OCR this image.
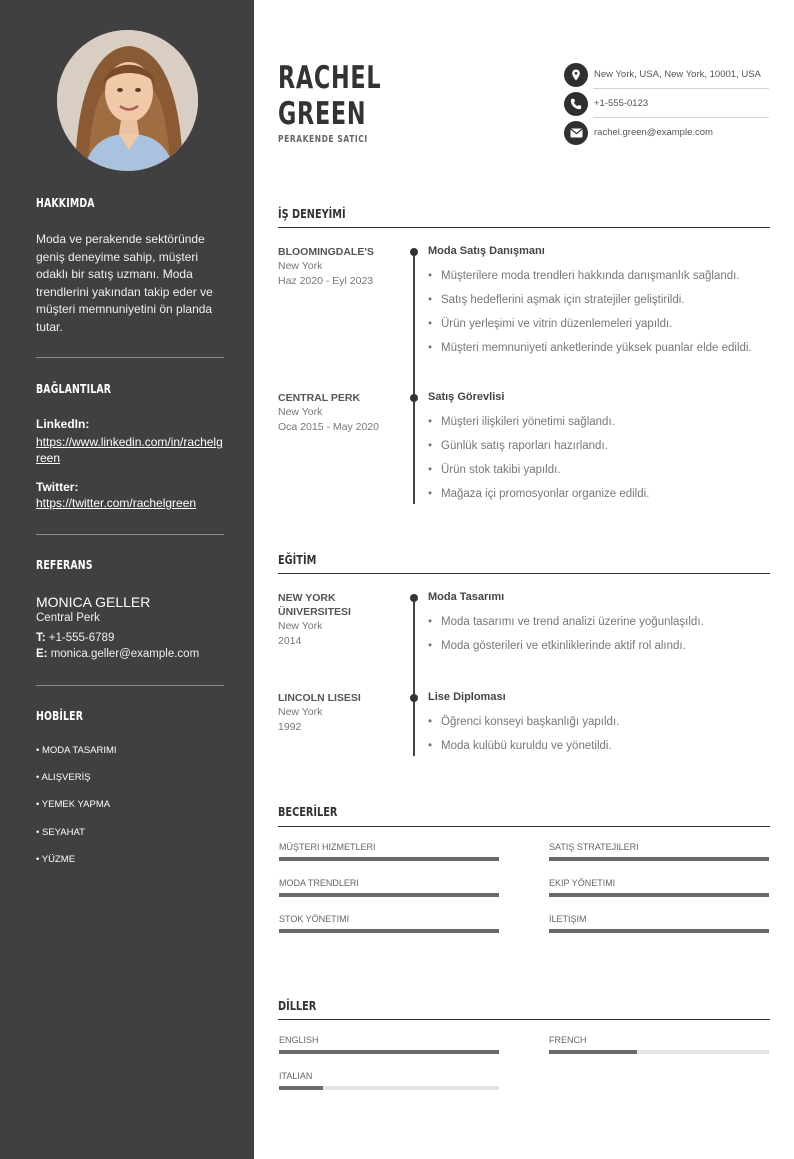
HAKKIMDA
Moda ve perakende sektöründe geniş deneyime sahip, müşteri odaklı bir satış uzmanı. Moda trendlerini yakından takip eder ve müşteri memnuniyetini ön planda tutar.
BAĞLANTILAR
LinkedIn:
https://www.linkedin.com/in/rachelgreen
Twitter:
https://twitter.com/rachelgreen
REFERANS
MONICA GELLER
Central Perk
T: +1-555-6789
E: monica.geller@example.com
HOBİLER
• MODA TASARIMI
• ALIŞVERİŞ
• YEMEK YAPMA
• SEYAHAT
• YÜZME
RACHEL
GREEN
PERAKENDE SATICI
New York, USA, New York, 10001, USA
+1-555-0123
rachel.green@example.com
İŞ DENEYİMİ
BLOOMINGDALE'S
New York
Haz 2020 - Eyl 2023
Moda Satış Danışmanı
• Müşterilere moda trendleri hakkında danışmanlık sağlandı.
• Satış hedeflerini aşmak için stratejiler geliştirildi.
• Ürün yerleşimi ve vitrin düzenlemeleri yapıldı.
• Müşteri memnuniyeti anketlerinde yüksek puanlar elde edildi.
CENTRAL PERK
New York
Oca 2015 - May 2020
Satış Görevlisi
• Müşteri ilişkileri yönetimi sağlandı.
• Günlük satış raporları hazırlandı.
• Ürün stok takibi yapıldı.
• Mağaza içi promosyonlar organize edildi.
EĞİTİM
NEW YORK
ÜNIVERSITESI
New York
2014
Moda Tasarımı
• Moda tasarımı ve trend analizi üzerine yoğunlaşıldı.
• Moda gösterileri ve etkinliklerinde aktif rol alındı.
LINCOLN LISESI
New York
1992
Lise Diploması
• Öğrenci konseyi başkanlığı yapıldı.
• Moda kulübü kuruldu ve yönetildi.
BECERİLER
MÜŞTERI HIZMETLERI	SATIŞ STRATEJILERI
MODA TRENDLERI	EKIP YÖNETIMI
STOK YÖNETIMI	İLETIŞIM
DİLLER
ENGLISH	FRENCH
ITALIAN
